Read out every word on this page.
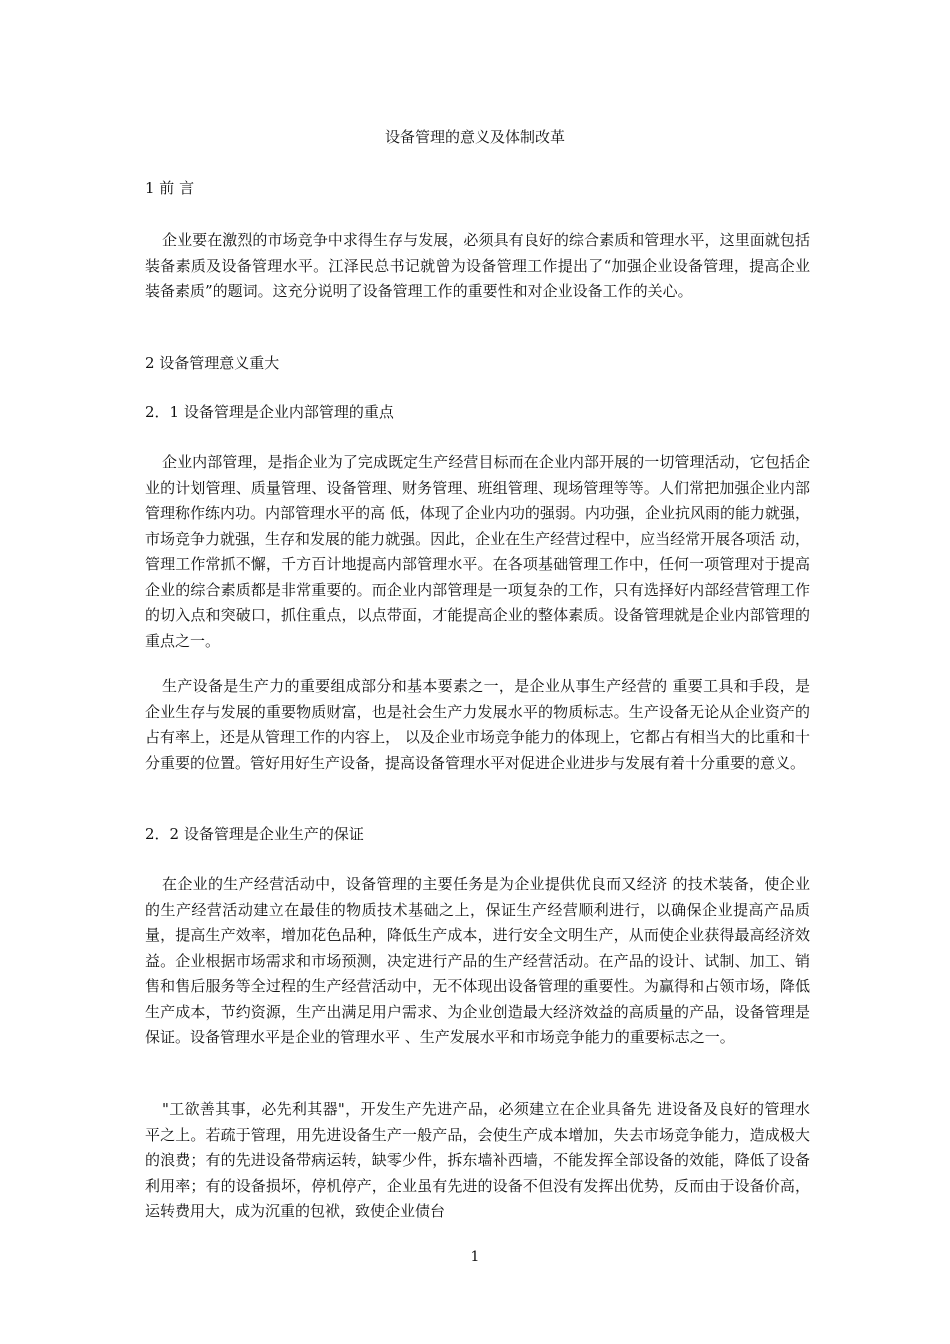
设备管理的意义及体制改革
1 前 言

企业要在激烈的市场竞争中求得生存与发展，必须具有良好的综合素质和管理水平，这里面就包括装备素质及设备管理水平。江泽民总书记就曾为设备管理工作提出了“加强企业设备管理，提高企业装备素质”的题词。这充分说明了设备管理工作的重要性和对企业设备工作的关心。

2 设备管理意义重大
2．1 设备管理是企业内部管理的重点

企业内部管理，是指企业为了完成既定生产经营目标而在企业内部开展的一切管理活动，它包括企业的计划管理、质量管理、设备管理、财务管理、班组管理、现场管理等等。人们常把加强企业内部管理称作练内功。内部管理水平的高 低，体现了企业内功的强弱。内功强，企业抗风雨的能力就强，市场竞争力就强，生存和发展的能力就强。因此，企业在生产经营过程中，应当经常开展各项活 动，管理工作常抓不懈，千方百计地提高内部管理水平。在各项基础管理工作中，任何一项管理对于提高企业的综合素质都是非常重要的。而企业内部管理是一项复杂的工作，只有选择好内部经营管理工作的切入点和突破口，抓住重点，以点带面，才能提高企业的整体素质。设备管理就是企业内部管理的重点之一。

生产设备是生产力的重要组成部分和基本要素之一，是企业从事生产经营的 重要工具和手段，是企业生存与发展的重要物质财富，也是社会生产力发展水平的物质标志。生产设备无论从企业资产的占有率上，还是从管理工作的内容上， 以及企业市场竞争能力的体现上，它都占有相当大的比重和十分重要的位置。管好用好生产设备，提高设备管理水平对促进企业进步与发展有着十分重要的意义。

2．2 设备管理是企业生产的保证

在企业的生产经营活动中，设备管理的主要任务是为企业提供优良而又经济 的技术装备，使企业的生产经营活动建立在最佳的物质技术基础之上，保证生产经营顺利进行，以确保企业提高产品质量，提高生产效率，增加花色品种，降低生产成本，进行安全文明生产，从而使企业获得最高经济效益。企业根据市场需求和市场预测，决定进行产品的生产经营活动。在产品的设计、试制、加工、销 售和售后服务等全过程的生产经营活动中，无不体现出设备管理的重要性。为赢得和占领市场，降低生产成本，节约资源，生产出满足用户需求、为企业创造最大经济效益的高质量的产品，设备管理是保证。设备管理水平是企业的管理水平 、生产发展水平和市场竞争能力的重要标志之一。

"工欲善其事，必先利其器"，开发生产先进产品，必须建立在企业具备先 进设备及良好的管理水平之上。若疏于管理，用先进设备生产一般产品，会使生产成本增加，失去市场竞争能力，造成极大的浪费；有的先进设备带病运转，缺零少件，拆东墙补西墙，不能发挥全部设备的效能，降低了设备利用率；有的设备损坏，停机停产，企业虽有先进的设备不但没有发挥出优势，反而由于设备价高，运转费用大，成为沉重的包袱，致使企业债台

1
